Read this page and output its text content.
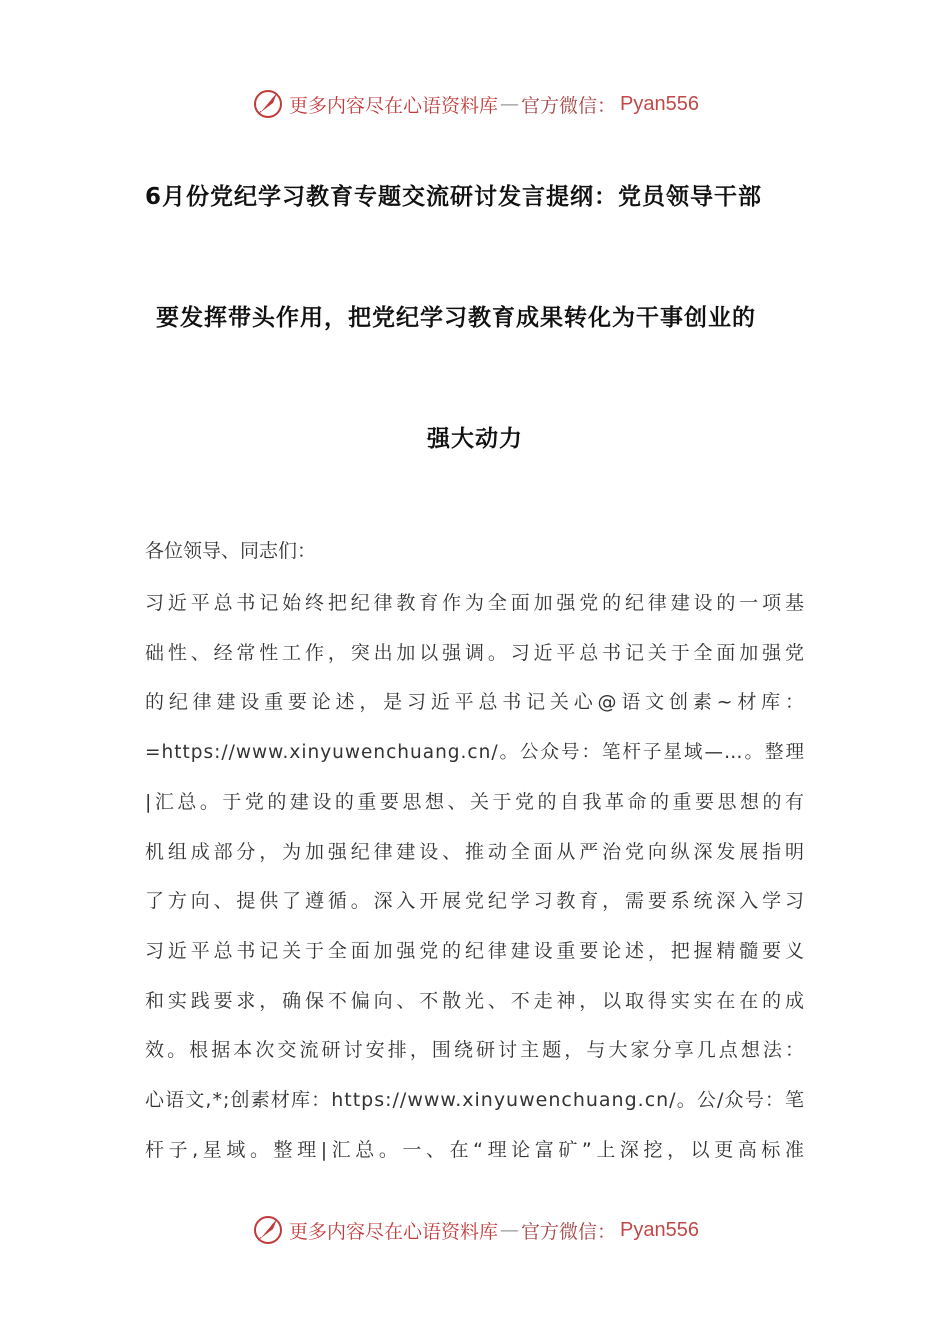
更多内容尽在心语资料库 — 官方微信： Pyan556
6月份党纪学习教育专题交流研讨发言提纲：党员领导干部
要发挥带头作用，把党纪学习教育成果转化为干事创业的
强大动力
各位领导、同志们：
习近平总书记始终把纪律教育作为全面加强党的纪律建设的一项基
础性、经常性工作，突出加以强调。习近平总书记关于全面加强党
的纪律建设重要论述，是习近平总书记关心@语文创素~材库：
=https://www.xinyuwenchuang.cn/。公众号：笔杆子星域—…。整理
|汇总。于党的建设的重要思想、关于党的自我革命的重要思想的有
机组成部分，为加强纪律建设、推动全面从严治党向纵深发展指明
了方向、提供了遵循。深入开展党纪学习教育，需要系统深入学习
习近平总书记关于全面加强党的纪律建设重要论述，把握精髓要义
和实践要求，确保不偏向、不散光、不走神，以取得实实在在的成
效。根据本次交流研讨安排，围绕研讨主题，与大家分享几点想法：
心语文,*;创素材库：https://www.xinyuwenchuang.cn/。公/众号：笔
杆子,星域。整理|汇总。一、在“理论富矿”上深挖，以更高标准
更多内容尽在心语资料库 — 官方微信： Pyan556
